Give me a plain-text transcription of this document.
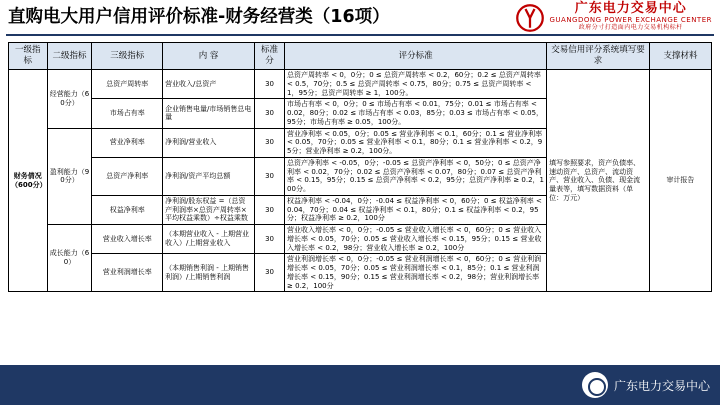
直购电大用户信用评价标准-财务经营类（16项）	广东电力交易中心
GUANGDONG POWER EXCHANGE CENTER
政府分寸打造面内电力交易机构标杆
一级指标	二级指标	三级指标	内 容	标准分	评分标准	交易信用评分系统填写要求	支撑材料
财务倩况（600分）	经营能力（60分）	总资产周转率	营业收入/总资产	30	总资产周转率 < 0，0分；0 ≤ 总资产周转率 < 0.2，60分；0.2 ≤ 总资产周转率 < 0.5，70分；0.5 ≤ 总资产周转率 < 0.75，80分；0.75 ≤ 总资产周转率 < 1，95分；总资产周转率 ≥ 1，100分。	填写参照要求，资产负债率、速动资产、总资产、流动资产、营业收入、负债、现金流量表等，填写数据资料（单位：万元）	审计报告
		市场占有率	企业销售电量/市场销售总电量	30	市场占有率 < 0，0分；0 ≤ 市场占有率 < 0.01，75分；0.01 ≤ 市场占有率 < 0.02，80分；0.02 ≤ 市场占有率 < 0.03，85分；0.03 ≤ 市场占有率 < 0.05，95分；市场占有率 ≥ 0.05，100分。		
	盈利能力（90分）	营业净利率	净利润/营业收入	30	营业净利率 < 0.05，0分；0.05 ≤ 营业净利率 < 0.1，60分；0.1 ≤ 营业净利率 < 0.05，70分；0.05 ≤ 营业净利率 < 0.1，80分；0.1 ≤ 营业净利率 < 0.2，95分；营业净利率 ≥ 0.2，100分。		
		总资产净利率	净利润/资产平均总额	30	总资产净利率 < -0.05，0分；-0.05 ≤ 总资产净利率 < 0，50分；0 ≤ 总资产净利率 < 0.02，70分；0.02 ≤ 总资产净利率 < 0.07，80分；0.07 ≤ 总资产净利率 < 0.15，95分；0.15 ≤ 总资产净利率 < 0.2，95分；总资产净利率 ≥ 0.2，100分。		
		权益净利率	净利润/股东权益 =（总资产利润率×总资产周转率×平均权益乘数）÷权益乘数	30	权益净利率 < -0.04，0分；-0.04 ≤ 权益净利率 < 0，60分；0 ≤ 权益净利率 < 0.04，70分；0.04 ≤ 权益净利率 < 0.1，80分；0.1 ≤ 权益净利率 < 0.2，95分；权益净利率 ≥ 0.2，100分		
	成长能力（60）	营业收入增长率	（本期营业收入 - 上期营业收入）/上期营业收入	30	营业收入增长率 < 0，0分；-0.05 ≤ 营业收入增长率 < 0，60分；0 ≤ 营业收入增长率 < 0.05，70分；0.05 ≤ 营业收入增长率 < 0.15，95分；0.15 ≤ 营业收入增长率 < 0.2，98分；营业收入增长率 ≥ 0.2，100分		
		营业利润增长率	（本期销售利润 - 上期销售利润）/上期销售利润	30	营业利润增长率 < 0，0分；-0.05 ≤ 营业利润增长率 < 0，60分；0 ≤ 营业利润增长率 < 0.05，70分；0.05 ≤ 营业利润增长率 < 0.1，85分；0.1 ≤ 营业利润增长率 < 0.15，90分；0.15 ≤ 营业利润增长率 < 0.2，98分；营业利润增长率 ≥ 0.2，100分		
广东电力交易中心
